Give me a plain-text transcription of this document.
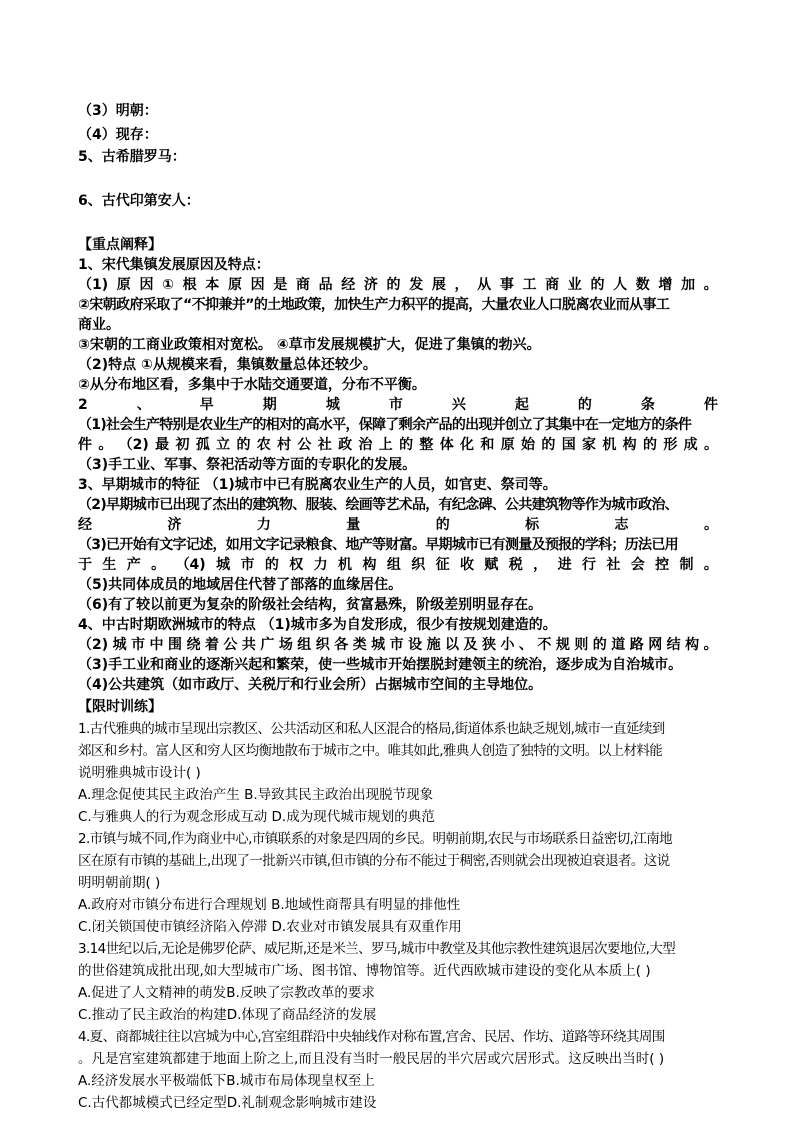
（3）明朝：
（4）现存：
5、古希腊罗马：
6、古代印第安人：
【重点阐释】
1、宋代集镇发展原因及特点：
（1) 原 因 ① 根 本 原 因 是 商 品 经 济 的 发 展 ， 从 事 工 商 业 的 人 数 增 加 。
②宋朝政府采取了“不抑兼并”的土地政策，加快生产力积平的提高，大量农业人口脱离农业而从事工
商业。
③宋朝的工商业政策相对宽松。 ④草市发展规模扩大，促进了集镇的勃兴。
（2)特点 ①从规模来看，集镇数量总体还较少。
②从分布地区看，多集中于水陆交通要道，分布不平衡。
2	、	早	期	城	市	兴	起	的	条	件
（1)社会生产特别是农业生产的相对的高水平，保障了剩余产品的出现并创立了其集中在一定地方的条件
件 。 （2) 最 初 孤 立 的 农 村 公 社 政 治 上 的 整 体 化 和 原 始 的 国 家 机 构 的 形 成 。
（3)手工业、军事、祭祀活动等方面的专职化的发展。
3、早期城市的特征 （1)城市中已有脱离农业生产的人员，如官吏、祭司等。
（2)早期城市已出现了杰出的建筑物、服装、绘画等艺术品，有纪念碑、公共建筑物等作为城市政治、
经	济	力	量	的	标	志	。
（3)已开始有文字记述，如用文字记录粮食、地产等财富。早期城市已有测量及预报的学科；历法已用
于 生 产 。 （4) 城 市 的 权 力 机 构 组 织 征 收 赋 税 ， 进 行 社 会 控 制 。
（5)共同体成员的地域居住代替了部落的血缘居住。
（6)有了较以前更为复杂的阶级社会结构，贫富悬殊，阶级差别明显存在。
4、中古时期欧洲城市的特点 （1)城市多为自发形成，很少有按规划建造的。
（2) 城 市 中 围 绕 着 公 共 广 场 组 织 各 类 城 市 设 施 以 及 狭 小 、 不 规 则 的 道 路 网 结 构 。
（3)手工业和商业的逐渐兴起和繁荣，使一些城市开始摆脱封建领主的统治，逐步成为自治城市。
（4)公共建筑（如市政厅、关税厅和行业会所）占据城市空间的主导地位。
【限时训练】
1.古代雅典的城市呈现出宗教区、公共活动区和私人区混合的格局,街道体系也缺乏规划,城市一直延续到
郊区和乡村。富人区和穷人区均衡地散布于城市之中。唯其如此,雅典人创造了独特的文明。以上材料能
说明雅典城市设计( )
A.理念促使其民主政治产生 B.导致其民主政治出现脱节现象
C.与雅典人的行为观念形成互动 D.成为现代城市规划的典范
2.市镇与城不同,作为商业中心,市镇联系的对象是四周的乡民。明朝前期,农民与市场联系日益密切,江南地
区在原有市镇的基础上,出现了一批新兴市镇,但市镇的分布不能过于稠密,否则就会出现被迫衰退者。这说
明明朝前期( )
A.政府对市镇分布进行合理规划 B.地域性商帮具有明显的排他性
C.闭关锁国使市镇经济陷入停滞 D.农业对市镇发展具有双重作用
3.14世纪以后,无论是佛罗伦萨、威尼斯,还是米兰、罗马,城市中教堂及其他宗教性建筑退居次要地位,大型
的世俗建筑成批出现,如大型城市广场、图书馆、博物馆等。近代西欧城市建设的变化从本质上( )
A.促进了人文精神的萌发B.反映了宗教改革的要求
C.推动了民主政治的构建D.体现了商品经济的发展
4.夏、商都城往往以宫城为中心,宫室组群沿中央轴线作对称布置,宫舍、民居、作坊、道路等环绕其周围
。凡是宫室建筑都建于地面上阶之上,而且没有当时一般民居的半穴居或穴居形式。这反映出当时( )
A.经济发展水平极端低下B.城市布局体现皇权至上
C.古代都城模式已经定型D.礼制观念影响城市建设
